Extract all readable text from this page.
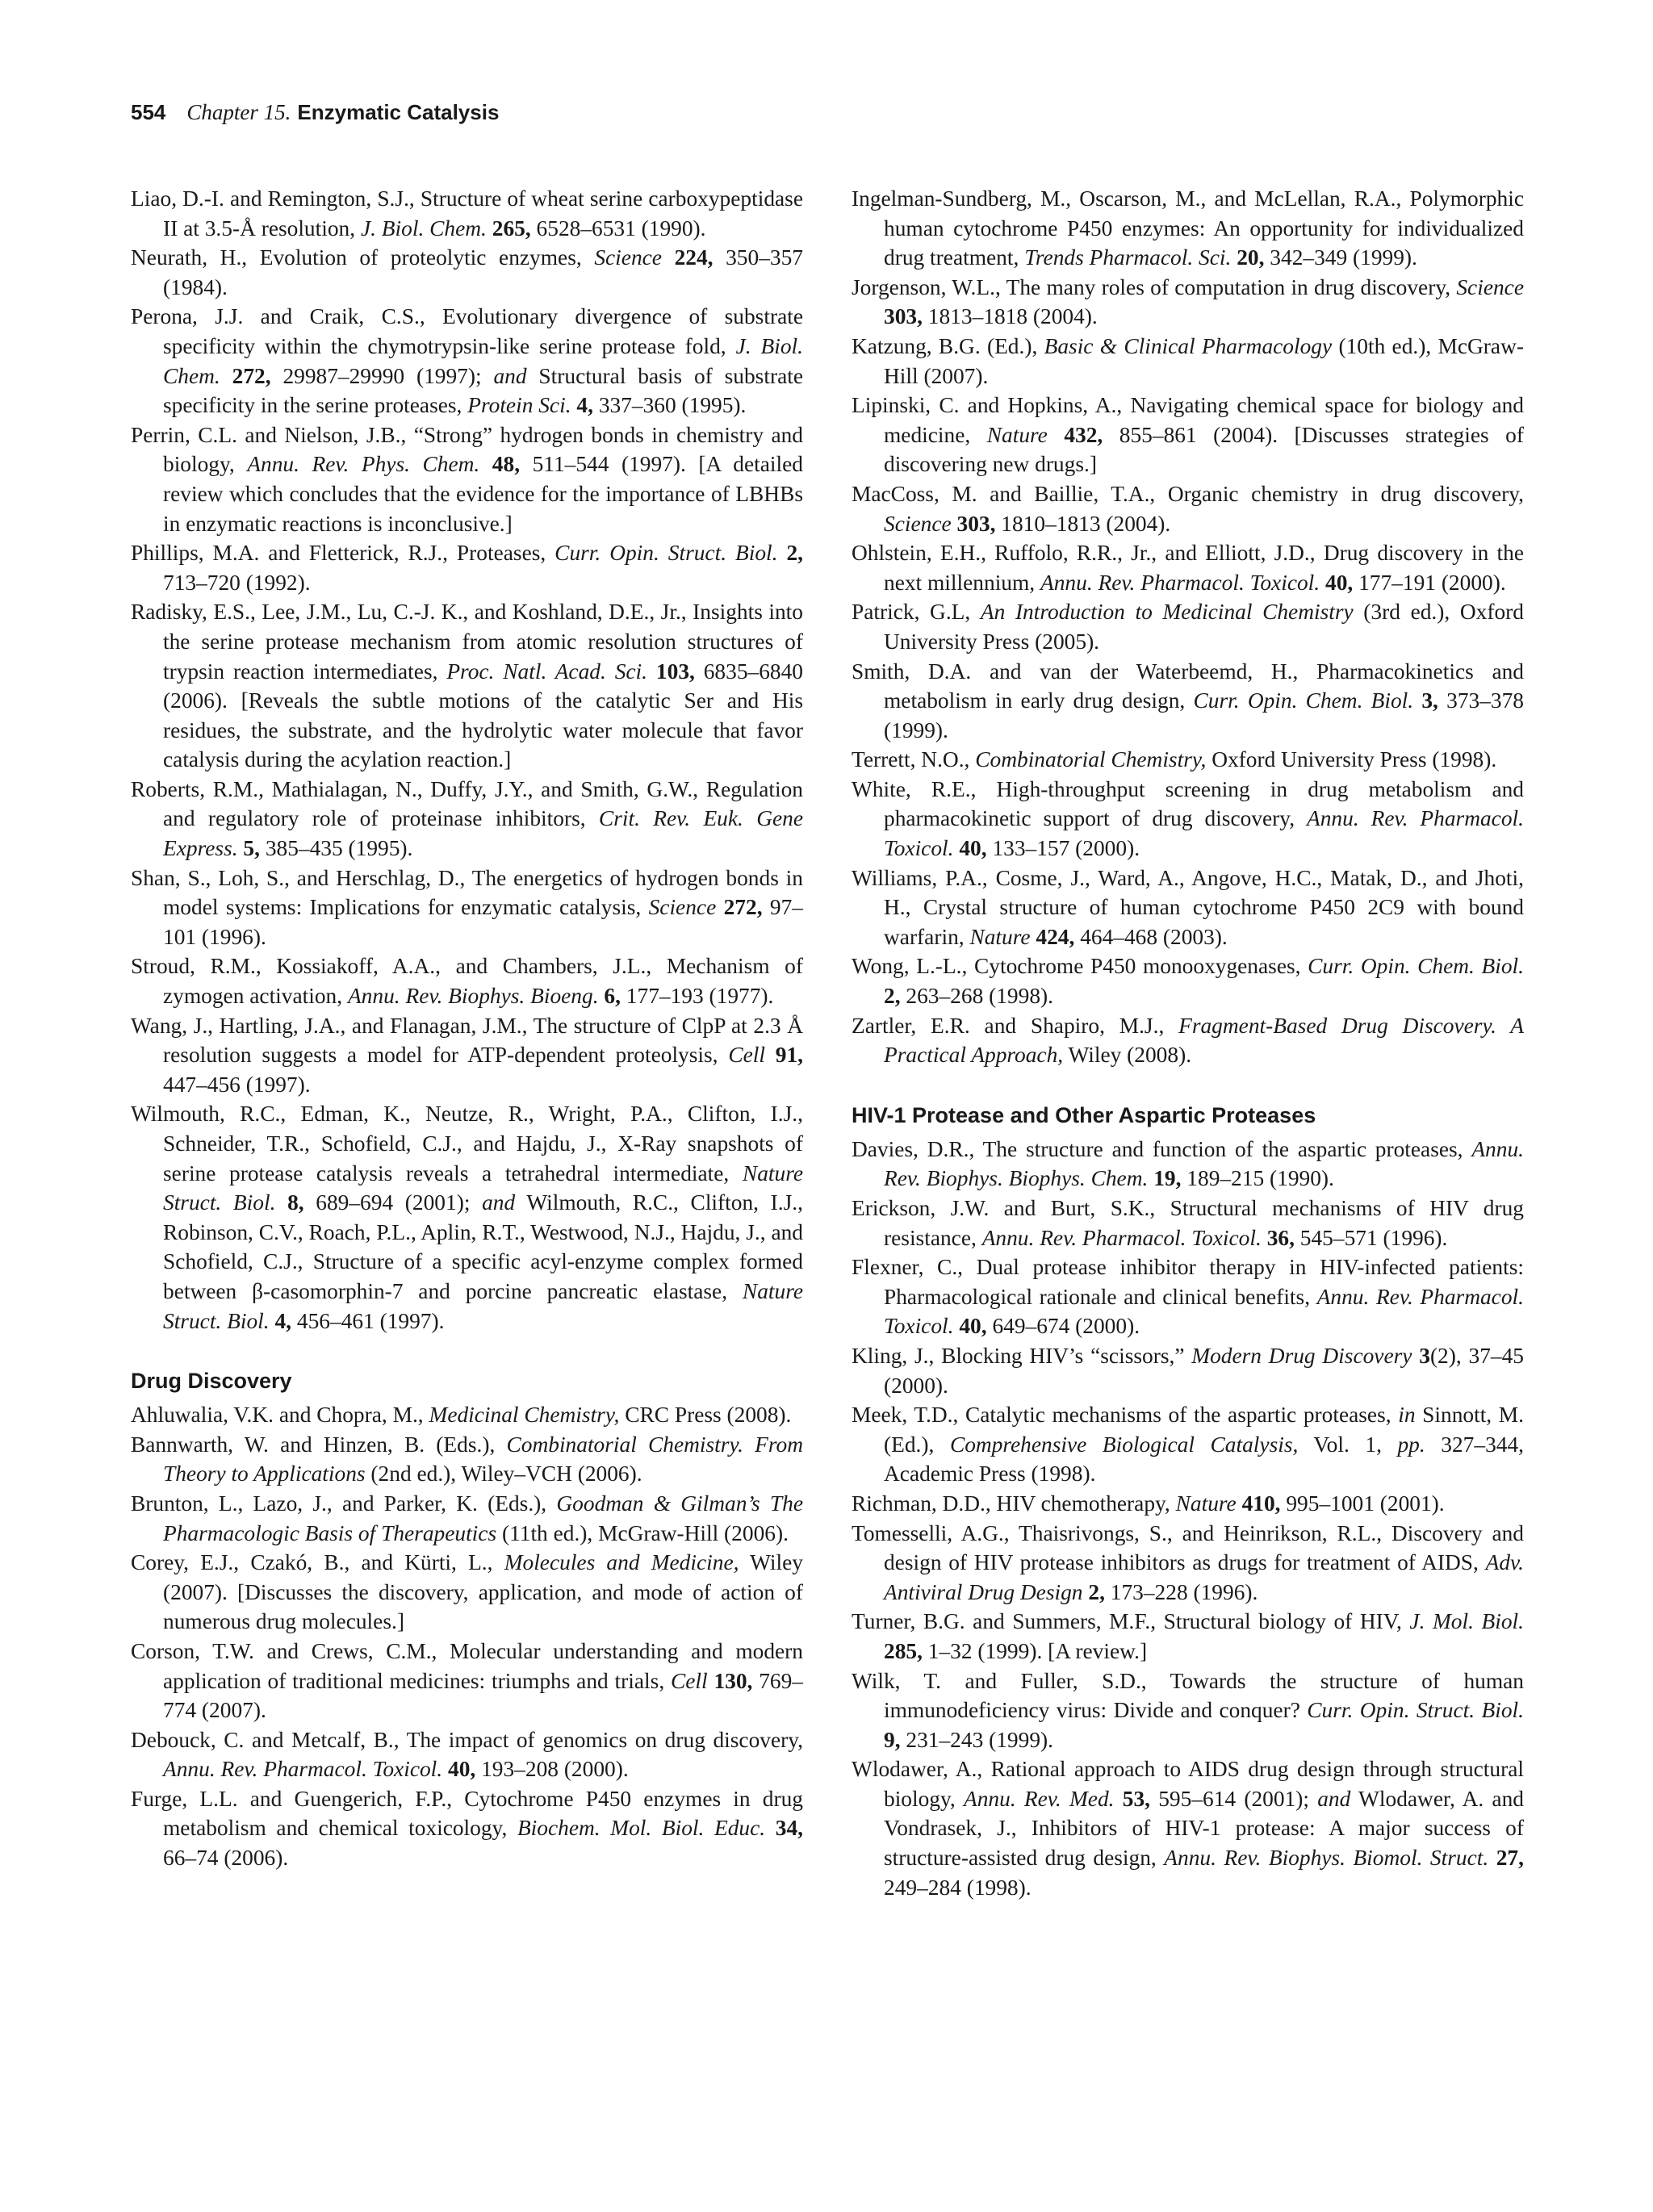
554 Chapter 15. Enzymatic Catalysis

Liao, D.-I. and Remington, S.J., Structure of wheat serine carboxypeptidase II at 3.5-Å resolution, J. Biol. Chem. 265, 6528–6531 (1990).

Neurath, H., Evolution of proteolytic enzymes, Science 224, 350–357 (1984).

Perona, J.J. and Craik, C.S., Evolutionary divergence of substrate specificity within the chymotrypsin-like serine protease fold, J. Biol. Chem. 272, 29987–29990 (1997); and Structural basis of substrate specificity in the serine proteases, Protein Sci. 4, 337–360 (1995).

Perrin, C.L. and Nielson, J.B., “Strong” hydrogen bonds in chemistry and biology, Annu. Rev. Phys. Chem. 48, 511–544 (1997). [A detailed review which concludes that the evidence for the importance of LBHBs in enzymatic reactions is inconclusive.]

Phillips, M.A. and Fletterick, R.J., Proteases, Curr. Opin. Struct. Biol. 2, 713–720 (1992).

Radisky, E.S., Lee, J.M., Lu, C.-J. K., and Koshland, D.E., Jr., Insights into the serine protease mechanism from atomic resolution structures of trypsin reaction intermediates, Proc. Natl. Acad. Sci. 103, 6835–6840 (2006). [Reveals the subtle motions of the catalytic Ser and His residues, the substrate, and the hydrolytic water molecule that favor catalysis during the acylation reaction.]

Roberts, R.M., Mathialagan, N., Duffy, J.Y., and Smith, G.W., Regulation and regulatory role of proteinase inhibitors, Crit. Rev. Euk. Gene Express. 5, 385–435 (1995).

Shan, S., Loh, S., and Herschlag, D., The energetics of hydrogen bonds in model systems: Implications for enzymatic catalysis, Science 272, 97–101 (1996).

Stroud, R.M., Kossiakoff, A.A., and Chambers, J.L., Mechanism of zymogen activation, Annu. Rev. Biophys. Bioeng. 6, 177–193 (1977).

Wang, J., Hartling, J.A., and Flanagan, J.M., The structure of ClpP at 2.3 Å resolution suggests a model for ATP-dependent proteolysis, Cell 91, 447–456 (1997).

Wilmouth, R.C., Edman, K., Neutze, R., Wright, P.A., Clifton, I.J., Schneider, T.R., Schofield, C.J., and Hajdu, J., X-Ray snapshots of serine protease catalysis reveals a tetrahedral intermediate, Nature Struct. Biol. 8, 689–694 (2001); and Wilmouth, R.C., Clifton, I.J., Robinson, C.V., Roach, P.L., Aplin, R.T., Westwood, N.J., Hajdu, J., and Schofield, C.J., Structure of a specific acyl-enzyme complex formed between β-casomorphin-7 and porcine pancreatic elastase, Nature Struct. Biol. 4, 456–461 (1997).

Drug Discovery

Ahluwalia, V.K. and Chopra, M., Medicinal Chemistry, CRC Press (2008).

Bannwarth, W. and Hinzen, B. (Eds.), Combinatorial Chemistry. From Theory to Applications (2nd ed.), Wiley–VCH (2006).

Brunton, L., Lazo, J., and Parker, K. (Eds.), Goodman & Gilman’s The Pharmacologic Basis of Therapeutics (11th ed.), McGraw-Hill (2006).

Corey, E.J., Czakó, B., and Kürti, L., Molecules and Medicine, Wiley (2007). [Discusses the discovery, application, and mode of action of numerous drug molecules.]

Corson, T.W. and Crews, C.M., Molecular understanding and modern application of traditional medicines: triumphs and trials, Cell 130, 769–774 (2007).

Debouck, C. and Metcalf, B., The impact of genomics on drug discovery, Annu. Rev. Pharmacol. Toxicol. 40, 193–208 (2000).

Furge, L.L. and Guengerich, F.P., Cytochrome P450 enzymes in drug metabolism and chemical toxicology, Biochem. Mol. Biol. Educ. 34, 66–74 (2006).

Ingelman-Sundberg, M., Oscarson, M., and McLellan, R.A., Polymorphic human cytochrome P450 enzymes: An opportunity for individualized drug treatment, Trends Pharmacol. Sci. 20, 342–349 (1999).

Jorgenson, W.L., The many roles of computation in drug discovery, Science 303, 1813–1818 (2004).

Katzung, B.G. (Ed.), Basic & Clinical Pharmacology (10th ed.), McGraw-Hill (2007).

Lipinski, C. and Hopkins, A., Navigating chemical space for biology and medicine, Nature 432, 855–861 (2004). [Discusses strategies of discovering new drugs.]

MacCoss, M. and Baillie, T.A., Organic chemistry in drug discovery, Science 303, 1810–1813 (2004).

Ohlstein, E.H., Ruffolo, R.R., Jr., and Elliott, J.D., Drug discovery in the next millennium, Annu. Rev. Pharmacol. Toxicol. 40, 177–191 (2000).

Patrick, G.L, An Introduction to Medicinal Chemistry (3rd ed.), Oxford University Press (2005).

Smith, D.A. and van der Waterbeemd, H., Pharmacokinetics and metabolism in early drug design, Curr. Opin. Chem. Biol. 3, 373–378 (1999).

Terrett, N.O., Combinatorial Chemistry, Oxford University Press (1998).

White, R.E., High-throughput screening in drug metabolism and pharmacokinetic support of drug discovery, Annu. Rev. Pharmacol. Toxicol. 40, 133–157 (2000).

Williams, P.A., Cosme, J., Ward, A., Angove, H.C., Matak, D., and Jhoti, H., Crystal structure of human cytochrome P450 2C9 with bound warfarin, Nature 424, 464–468 (2003).

Wong, L.-L., Cytochrome P450 monooxygenases, Curr. Opin. Chem. Biol. 2, 263–268 (1998).

Zartler, E.R. and Shapiro, M.J., Fragment-Based Drug Discovery. A Practical Approach, Wiley (2008).

HIV-1 Protease and Other Aspartic Proteases

Davies, D.R., The structure and function of the aspartic proteases, Annu. Rev. Biophys. Biophys. Chem. 19, 189–215 (1990).

Erickson, J.W. and Burt, S.K., Structural mechanisms of HIV drug resistance, Annu. Rev. Pharmacol. Toxicol. 36, 545–571 (1996).

Flexner, C., Dual protease inhibitor therapy in HIV-infected patients: Pharmacological rationale and clinical benefits, Annu. Rev. Pharmacol. Toxicol. 40, 649–674 (2000).

Kling, J., Blocking HIV’s “scissors,” Modern Drug Discovery 3(2), 37–45 (2000).

Meek, T.D., Catalytic mechanisms of the aspartic proteases, in Sinnott, M. (Ed.), Comprehensive Biological Catalysis, Vol. 1, pp. 327–344, Academic Press (1998).

Richman, D.D., HIV chemotherapy, Nature 410, 995–1001 (2001).

Tomesselli, A.G., Thaisrivongs, S., and Heinrikson, R.L., Discovery and design of HIV protease inhibitors as drugs for treatment of AIDS, Adv. Antiviral Drug Design 2, 173–228 (1996).

Turner, B.G. and Summers, M.F., Structural biology of HIV, J. Mol. Biol. 285, 1–32 (1999). [A review.]

Wilk, T. and Fuller, S.D., Towards the structure of human immunodeficiency virus: Divide and conquer? Curr. Opin. Struct. Biol. 9, 231–243 (1999).

Wlodawer, A., Rational approach to AIDS drug design through structural biology, Annu. Rev. Med. 53, 595–614 (2001); and Wlodawer, A. and Vondrasek, J., Inhibitors of HIV-1 protease: A major success of structure-assisted drug design, Annu. Rev. Biophys. Biomol. Struct. 27, 249–284 (1998).
